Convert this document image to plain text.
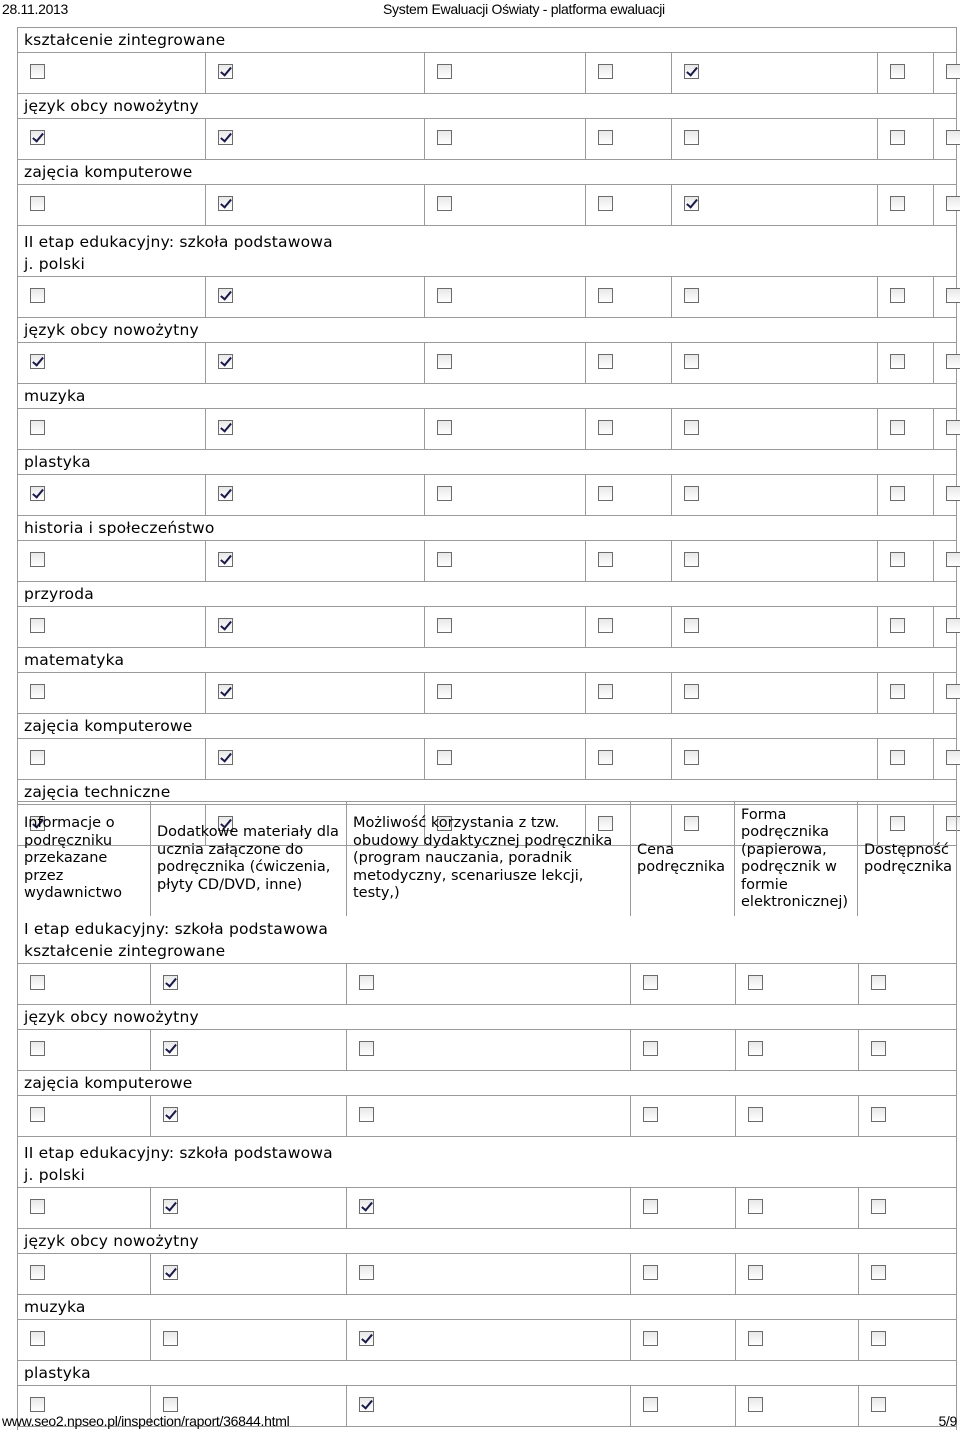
28.11.2013	System Ewaluacji Oświaty - platforma ewaluacji
kształcenie zintegrowane
język obcy nowożytny
zajęcia komputerowe
II etap edukacyjny: szkoła podstawowa
j. polski
język obcy nowożytny
muzyka
plastyka
historia i społeczeństwo
przyroda
matematyka
zajęcia komputerowe
zajęcia techniczne
Informacje o podręczniku przekazane przez wydawnictwo
Dodatkowe materiały dla ucznia załączone do podręcznika (ćwiczenia, płyty CD/DVD, inne)
Możliwość korzystania z tzw. obudowy dydaktycznej podręcznika (program nauczania, poradnik metodyczny, scenariusze lekcji, testy,)
Cena podręcznika
Forma podręcznika (papierowa, podręcznik w formie elektronicznej)
Dostępność podręcznika
I etap edukacyjny: szkoła podstawowa
kształcenie zintegrowane
język obcy nowożytny
zajęcia komputerowe
II etap edukacyjny: szkoła podstawowa
j. polski
język obcy nowożytny
muzyka
plastyka
www.seo2.npseo.pl/inspection/raport/36844.html	5/9
